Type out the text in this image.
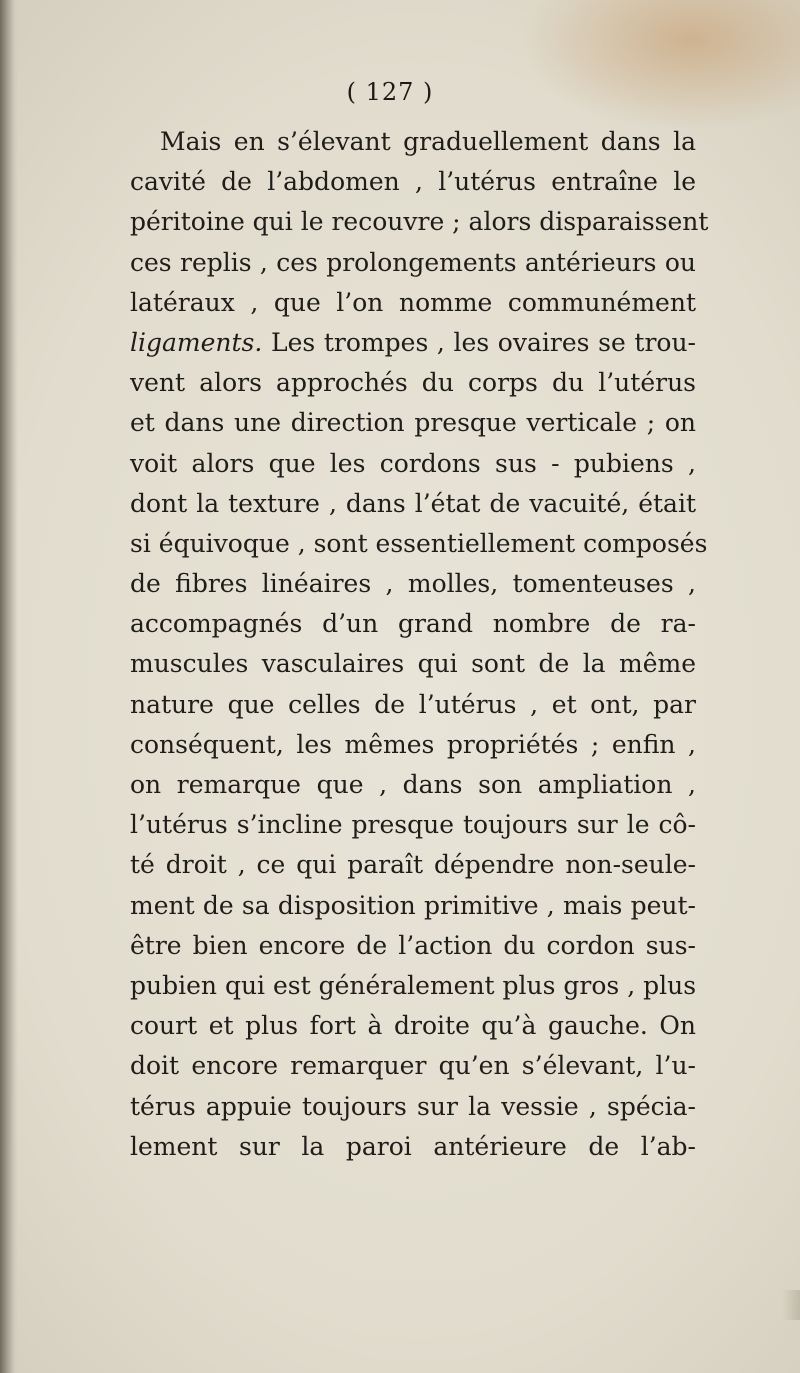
( 127 )
Mais en s’élevant graduellement dans la
cavité de l’abdomen , l’utérus entraîne le
péritoine qui le recouvre ; alors disparaissent
ces replis , ces prolongements antérieurs ou
latéraux , que l’on nomme communément
ligaments. Les trompes , les ovaires se trou-
vent alors approchés du corps du l’utérus
et dans une direction presque verticale ; on
voit alors que les cordons sus - pubiens ,
dont la texture , dans l’état de vacuité, était
si équivoque , sont essentiellement composés
de fibres linéaires , molles, tomenteuses ,
accompagnés d’un grand nombre de ra-
muscules vasculaires qui sont de la même
nature que celles de l’utérus , et ont, par
conséquent, les mêmes propriétés ; enfin ,
on remarque que , dans son ampliation ,
l’utérus s’incline presque toujours sur le cô-
té droit , ce qui paraît dépendre non-seule-
ment de sa disposition primitive , mais peut-
être bien encore de l’action du cordon sus-
pubien qui est généralement plus gros , plus
court et plus fort à droite qu’à gauche. On
doit encore remarquer qu’en s’élevant, l’u-
térus appuie toujours sur la vessie , spécia-
lement sur la paroi antérieure de l’ab-
